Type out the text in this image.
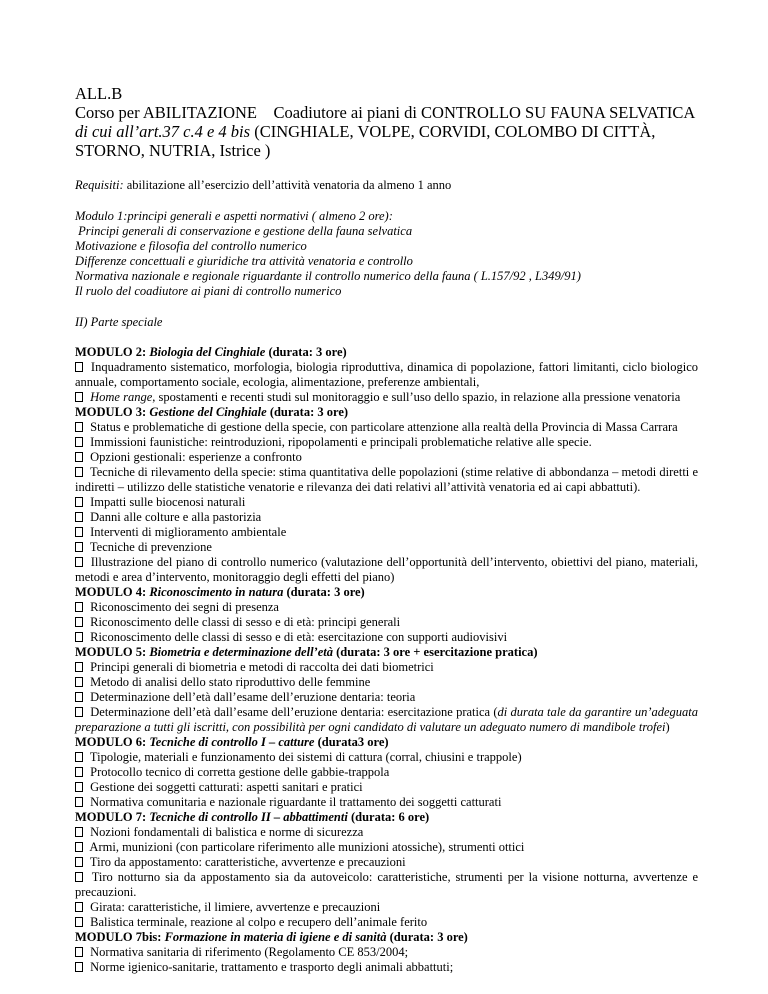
ALL.B
Corso per ABILITAZIONE    Coadiutore ai piani di CONTROLLO SU FAUNA SELVATICA  di cui all’art.37 c.4 e 4 bis (CINGHIALE, VOLPE, CORVIDI, COLOMBO DI CITTÀ, STORNO, NUTRIA, Istrice )
Requisiti: abilitazione all’esercizio dell’attività venatoria da almeno 1 anno
Modulo 1:principi generali e aspetti normativi ( almeno 2 ore):
Principi generali di conservazione e gestione della fauna selvatica
Motivazione e filosofia del controllo numerico
Differenze concettuali e giuridiche tra attività venatoria e controllo
Normativa nazionale e regionale riguardante il controllo numerico della fauna ( L.157/92 , L349/91)
Il ruolo del coadiutore ai piani di controllo numerico
II) Parte speciale
MODULO 2: Biologia del Cinghiale (durata: 3 ore)
Inquadramento sistematico, morfologia, biologia riproduttiva, dinamica di popolazione, fattori limitanti, ciclo biologico annuale, comportamento sociale, ecologia, alimentazione, preferenze ambientali,
Home range, spostamenti e recenti studi sul monitoraggio e sull’uso dello spazio, in relazione alla pressione venatoria
MODULO 3: Gestione del Cinghiale (durata: 3 ore)
Status e problematiche di gestione della specie, con particolare attenzione alla realtà della Provincia di Massa Carrara
Immissioni faunistiche: reintroduzioni, ripopolamenti e principali problematiche relative alle specie.
Opzioni gestionali: esperienze a confronto
Tecniche di rilevamento della specie: stima quantitativa delle popolazioni (stime relative di abbondanza – metodi diretti e indiretti – utilizzo delle statistiche venatorie e rilevanza dei dati relativi all’attività venatoria ed ai capi abbattuti).
Impatti sulle biocenosi naturali
Danni alle colture e alla pastorizia
Interventi di miglioramento ambientale
Tecniche di prevenzione
Illustrazione del piano di controllo numerico (valutazione dell’opportunità dell’intervento, obiettivi del piano, materiali, metodi e area d’intervento, monitoraggio degli effetti del piano)
MODULO 4: Riconoscimento in natura (durata: 3 ore)
Riconoscimento dei segni di presenza
Riconoscimento delle classi di sesso e di età: principi generali
Riconoscimento delle classi di sesso e di età: esercitazione con supporti audiovisivi
MODULO 5: Biometria e determinazione dell’età (durata: 3 ore + esercitazione pratica)
Principi generali di biometria e metodi di raccolta dei dati biometrici
Metodo di analisi dello stato riproduttivo delle femmine
Determinazione dell’età dall’esame dell’eruzione dentaria: teoria
Determinazione dell’età dall’esame dell’eruzione dentaria: esercitazione pratica (di durata tale da garantire un’adeguata preparazione a tutti gli iscritti, con possibilità per ogni candidato di valutare un adeguato numero di mandibole trofei)
MODULO 6: Tecniche di controllo I – catture (durata3 ore)
Tipologie, materiali e funzionamento dei sistemi di cattura (corral, chiusini e trappole)
Protocollo tecnico di corretta gestione delle gabbie-trappola
Gestione dei soggetti catturati: aspetti sanitari e pratici
Normativa comunitaria e nazionale riguardante il trattamento dei soggetti catturati
MODULO 7: Tecniche di controllo II – abbattimenti (durata: 6 ore)
Nozioni fondamentali di balistica e norme di sicurezza
Armi, munizioni (con particolare riferimento alle munizioni atossiche), strumenti ottici
Tiro da appostamento: caratteristiche, avvertenze e precauzioni
Tiro notturno sia da appostamento sia da autoveicolo: caratteristiche, strumenti per la visione notturna, avvertenze e precauzioni.
Girata: caratteristiche, il limiere, avvertenze e precauzioni
Balistica terminale, reazione al colpo e recupero dell’animale ferito
MODULO 7bis: Formazione in materia di igiene e di sanità (durata: 3 ore)
Normativa sanitaria di riferimento (Regolamento CE 853/2004;
Norme igienico-sanitarie, trattamento e trasporto degli animali abbattuti;
